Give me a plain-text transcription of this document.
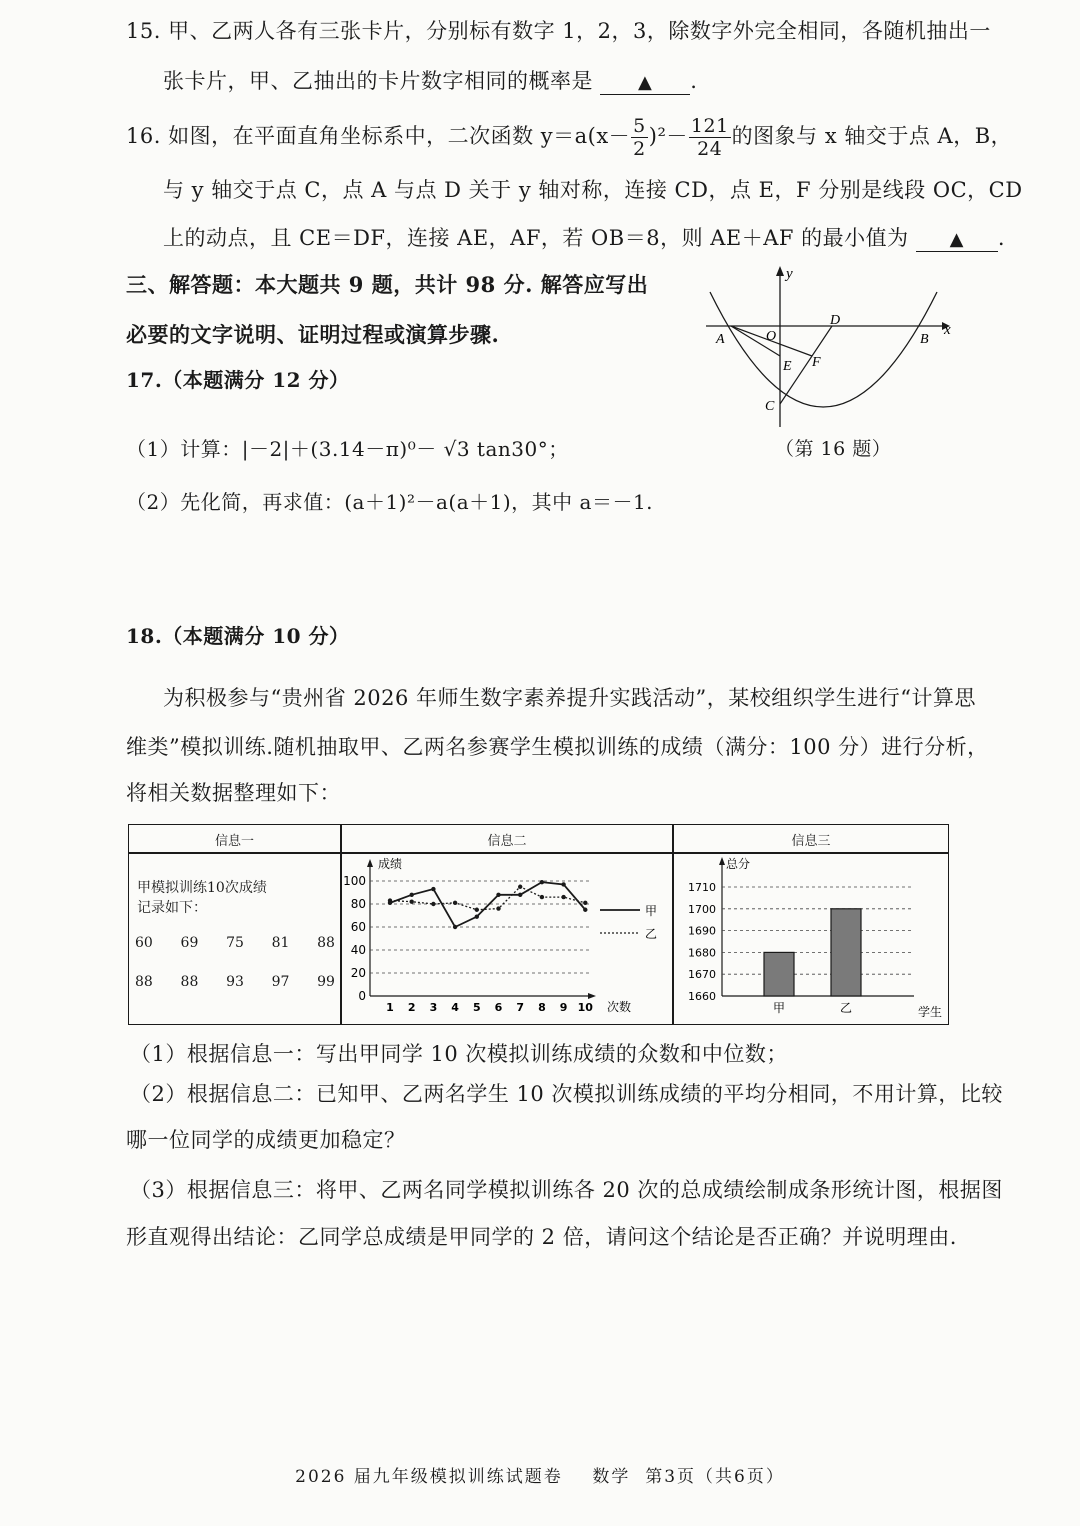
15. 甲、乙两人各有三张卡片，分别标有数字 1，2，3，除数字外完全相同，各随机抽出一
张卡片，甲、乙抽出的卡片数字相同的概率是	▲ .
16. 如图，在平面直角坐标系中，二次函数 $y=a(x- \frac{5}{2} )^2- \frac{121}{24}$ 的图象与 x 轴交于点 A，B，
与 y 轴交于点 C，点 A 与点 D 关于 y 轴对称，连接 CD，点 E，F 分别是线段 OC，CD
上的动点，且 CE＝DF，连接 AE，AF，若 OB＝8，则 AE＋AF 的最小值为 ▲ .
三、解答题：本大题共 9 题，共计 98 分. 解答应写出
必要的文字说明、证明过程或演算步骤.
y
x
O
A	B
C
D
E F
（第 16 题）
17.（本题满分 12 分）
（1）计算：|－2|＋(3.14－π)⁰－ √3 tan30°；
（2）先化简，再求值：(a＋1)²－a(a＋1)，其中 a＝－1.
18.（本题满分 10 分）
为积极参与“贵州省 2026 年师生数字素养提升实践活动”，某校组织学生进行“计算思
维类”模拟训练.随机抽取甲、乙两名参赛学生模拟训练的成绩（满分：100 分）进行分析，
将相关数据整理如下：
信息一	信息二	信息三
甲模拟训练10次成绩
记录如下：
60 69 75 81 88
88 88 93 97 99
成绩
次数
0
20
40
60
80
100
1 2 3 4 5 6 7 8 9 10
甲
乙
总分
学生
1660
1670
1680
1690
1700
1710
甲	乙
（1）根据信息一：写出甲同学 10 次模拟训练成绩的众数和中位数；
（2）根据信息二：已知甲、乙两名学生 10 次模拟训练成绩的平均分相同，不用计算，比较
哪一位同学的成绩更加稳定？
（3）根据信息三：将甲、乙两名同学模拟训练各 20 次的总成绩绘制成条形统计图，根据图
形直观得出结论：乙同学总成绩是甲同学的 2 倍，请问这个结论是否正确？并说明理由.
2026 届九年级模拟训练试题卷    数学  第3页（共6页）
